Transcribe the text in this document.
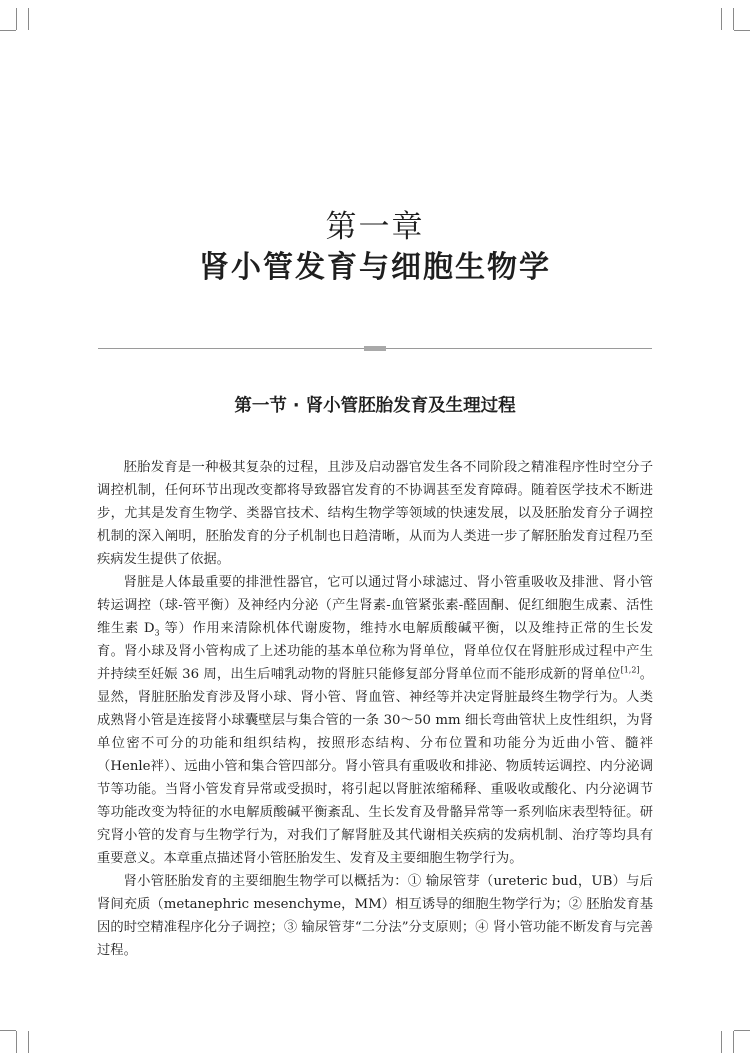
第一章
肾小管发育与细胞生物学
第一节 · 肾小管胚胎发育及生理过程

胚胎发育是一种极其复杂的过程，且涉及启动器官发生各不同阶段之精准程序性时空分子调控机制，任何环节出现改变都将导致器官发育的不协调甚至发育障碍。随着医学技术不断进步，尤其是发育生物学、类器官技术、结构生物学等领域的快速发展，以及胚胎发育分子调控机制的深入阐明，胚胎发育的分子机制也日趋清晰，从而为人类进一步了解胚胎发育过程乃至疾病发生提供了依据。

肾脏是人体最重要的排泄性器官，它可以通过肾小球滤过、肾小管重吸收及排泄、肾小管转运调控（球-管平衡）及神经内分泌（产生肾素-血管紧张素-醛固酮、促红细胞生成素、活性维生素 $D_3$ 等）作用来清除机体代谢废物，维持水电解质酸碱平衡，以及维持正常的生长发育。肾小球及肾小管构成了上述功能的基本单位称为肾单位，肾单位仅在肾脏形成过程中产生并持续至妊娠 36 周，出生后哺乳动物的肾脏只能修复部分肾单位而不能形成新的肾单位[1,2]。显然，肾脏胚胎发育涉及肾小球、肾小管、肾血管、神经等并决定肾脏最终生物学行为。人类成熟肾小管是连接肾小球囊壁层与集合管的一条 30～50 mm 细长弯曲管状上皮性组织，为肾单位密不可分的功能和组织结构，按照形态结构、分布位置和功能分为近曲小管、髓袢（Henle袢）、远曲小管和集合管四部分。肾小管具有重吸收和排泌、物质转运调控、内分泌调节等功能。当肾小管发育异常或受损时，将引起以肾脏浓缩稀释、重吸收或酸化、内分泌调节等功能改变为特征的水电解质酸碱平衡紊乱、生长发育及骨骼异常等一系列临床表型特征。研究肾小管的发育与生物学行为，对我们了解肾脏及其代谢相关疾病的发病机制、治疗等均具有重要意义。本章重点描述肾小管胚胎发生、发育及主要细胞生物学行为。

肾小管胚胎发育的主要细胞生物学可以概括为：① 输尿管芽（ureteric bud，UB）与后肾间充质（metanephric mesenchyme，MM）相互诱导的细胞生物学行为；② 胚胎发育基因的时空精准程序化分子调控；③ 输尿管芽“二分法”分支原则；④ 肾小管功能不断发育与完善过程。
